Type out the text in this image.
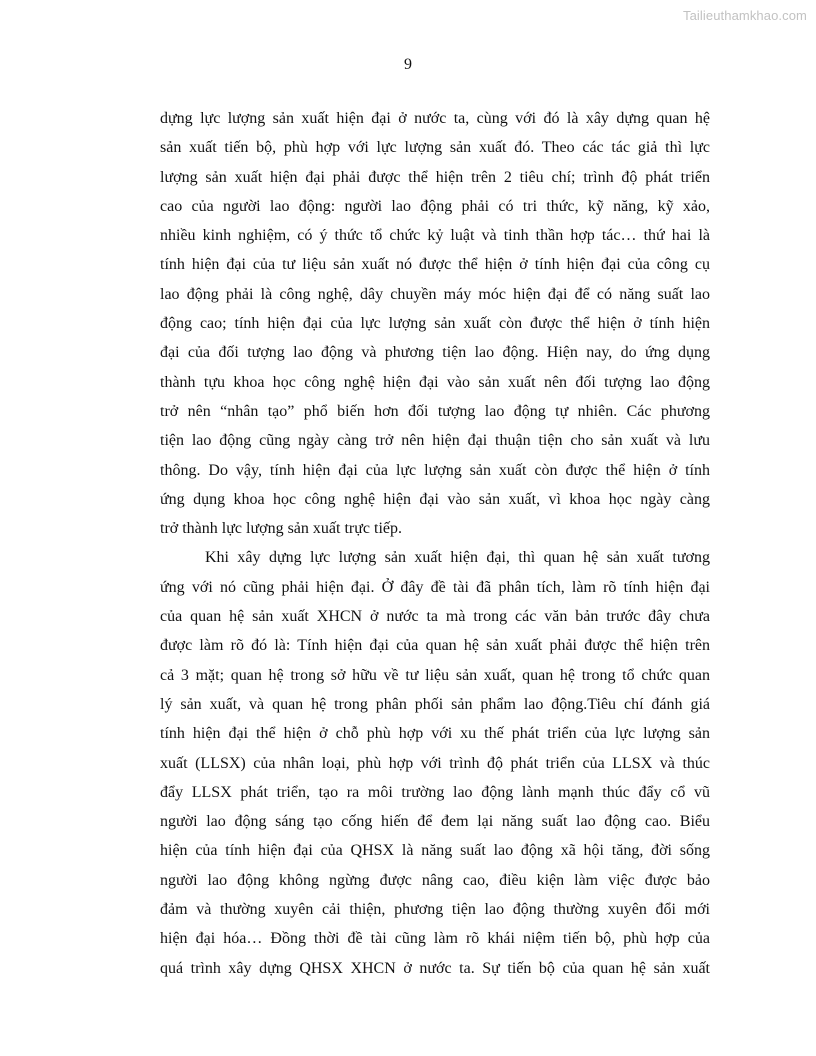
Tailieuthamkhao.com
9
dựng lực lượng sản xuất hiện đại ở nước ta, cùng với đó là xây dựng quan hệ
sản xuất tiến bộ, phù hợp với lực lượng sản xuất đó. Theo các tác giả thì lực
lượng sản xuất hiện đại phải được thể hiện trên 2 tiêu chí; trình độ phát triển
cao của người lao động: người lao động phải có tri thức, kỹ năng, kỹ xảo,
nhiều kinh nghiệm, có ý thức tổ chức kỷ luật và tinh thần hợp tác… thứ hai là
tính hiện đại của tư liệu sản xuất nó được thể hiện ở tính hiện đại của công cụ
lao động phải là công nghệ, dây chuyền máy móc hiện đại để có năng suất lao
động cao; tính hiện đại của lực lượng sản xuất còn được thể hiện ở tính hiện
đại của đối tượng lao động và phương tiện lao động. Hiện nay, do ứng dụng
thành tựu khoa học công nghệ hiện đại vào sản xuất nên đối tượng lao động
trở nên “nhân tạo” phổ biến hơn đối tượng lao động tự nhiên. Các phương
tiện lao động cũng ngày càng trở nên hiện đại thuận tiện cho sản xuất và lưu
thông. Do vậy, tính hiện đại của lực lượng sản xuất còn được thể hiện ở tính
ứng dụng khoa học công nghệ hiện đại vào sản xuất, vì khoa học ngày càng
trở thành lực lượng sản xuất trực tiếp.
Khi xây dựng lực lượng sản xuất hiện đại, thì quan hệ sản xuất tương
ứng với nó cũng phải hiện đại. Ở đây đề tài đã phân tích, làm rõ tính hiện đại
của quan hệ sản xuất XHCN ở nước ta mà trong các văn bản trước đây chưa
được làm rõ đó là: Tính hiện đại của quan hệ sản xuất phải được thể hiện trên
cả 3 mặt; quan hệ trong sở hữu về tư liệu sản xuất, quan hệ trong tổ chức quan
lý sản xuất, và quan hệ trong phân phối sản phẩm lao động.Tiêu chí đánh giá
tính hiện đại thể hiện ở chỗ phù hợp với xu thế phát triển của lực lượng sản
xuất (LLSX) của nhân loại, phù hợp với trình độ phát triển của LLSX và thúc
đẩy LLSX phát triển, tạo ra môi trường lao động lành mạnh thúc đẩy cổ vũ
người lao động sáng tạo cống hiến để đem lại năng suất lao động cao. Biểu
hiện của tính hiện đại của QHSX là năng suất lao động xã hội tăng, đời sống
người lao động không ngừng được nâng cao, điều kiện làm việc được bảo
đảm và thường xuyên cải thiện, phương tiện lao động thường xuyên đổi mới
hiện đại hóa… Đồng thời đề tài cũng làm rõ khái niệm tiến bộ, phù hợp của
quá trình xây dựng QHSX XHCN ở nước ta. Sự tiến bộ của quan hệ sản xuất
